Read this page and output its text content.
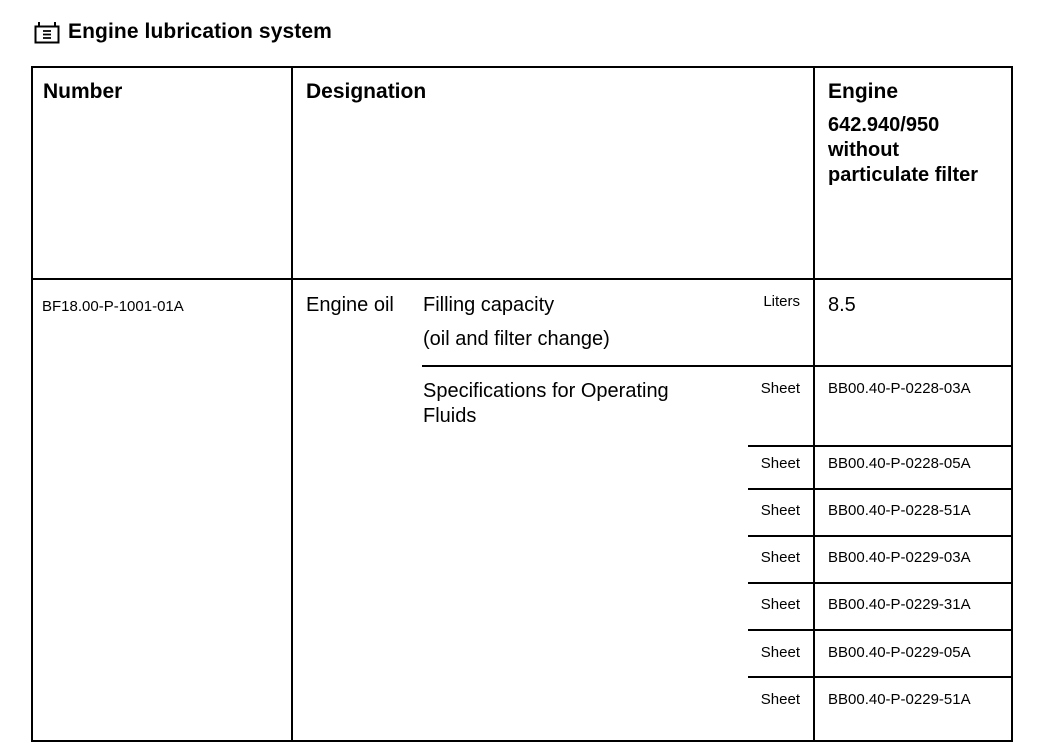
Engine lubrication system
Number	Designation	Engine
642.940/950
without
particulate filter
BF18.00-P-1001-01A	Engine oil Filling capacity
(oil and filter change)
Liters 8.5
Specifications for Operating
Fluids
Sheet BB00.40-P-0228-03A
Sheet BB00.40-P-0228-05A
Sheet BB00.40-P-0228-51A
Sheet BB00.40-P-0229-03A
Sheet BB00.40-P-0229-31A
Sheet BB00.40-P-0229-05A
Sheet BB00.40-P-0229-51A
